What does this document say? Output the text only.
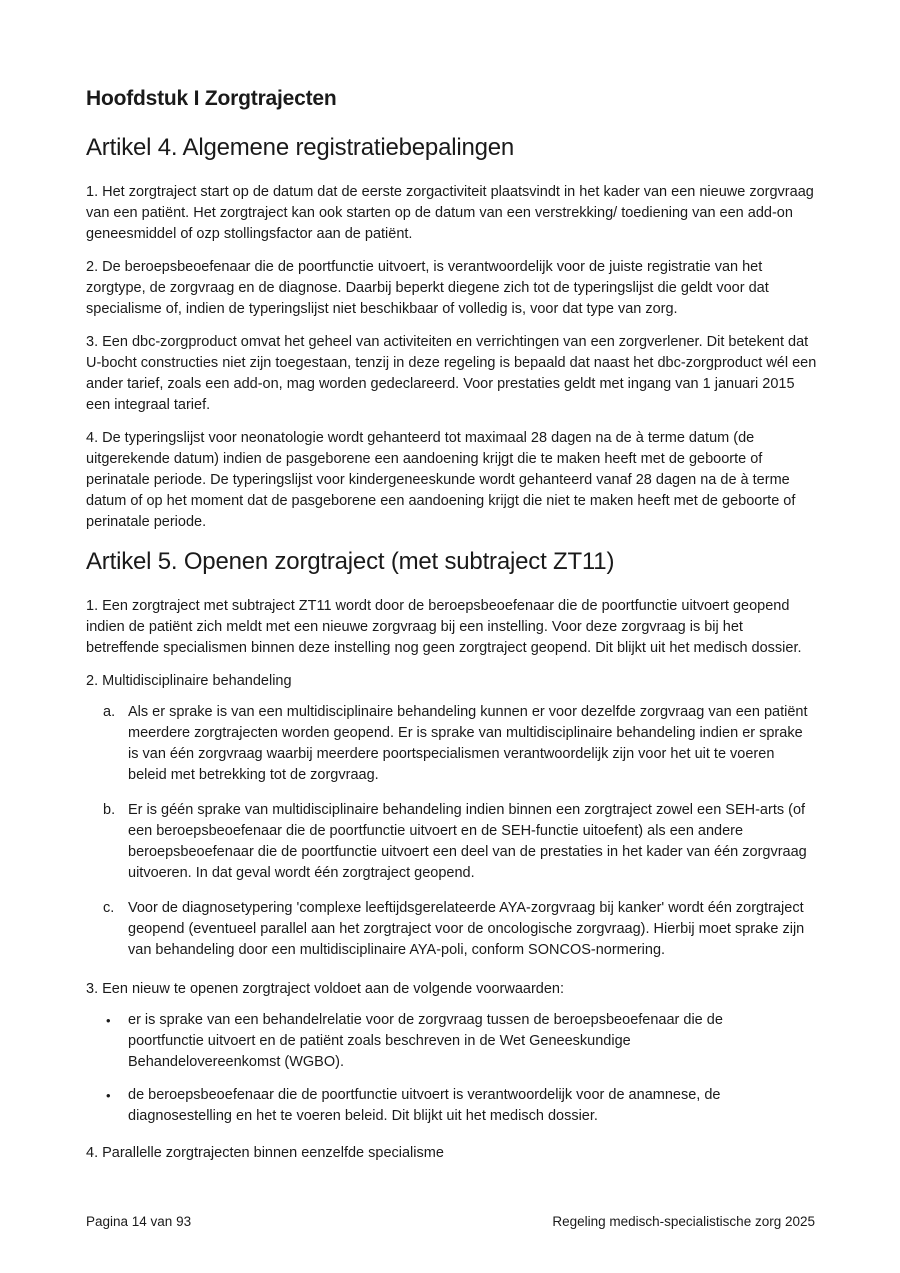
Hoofdstuk I Zorgtrajecten
Artikel 4. Algemene registratiebepalingen

1. Het zorgtraject start op de datum dat de eerste zorgactiviteit plaatsvindt in het kader van een nieuwe zorgvraag van een patiënt. Het zorgtraject kan ook starten op de datum van een verstrekking/ toediening van een add-on geneesmiddel of ozp stollingsfactor aan de patiënt.

2. De beroepsbeoefenaar die de poortfunctie uitvoert, is verantwoordelijk voor de juiste registratie van het zorgtype, de zorgvraag en de diagnose. Daarbij beperkt diegene zich tot de typeringslijst die geldt voor dat specialisme of, indien de typeringslijst niet beschikbaar of volledig is, voor dat type van zorg.

3. Een dbc-zorgproduct omvat het geheel van activiteiten en verrichtingen van een zorgverlener. Dit betekent dat U-bocht constructies niet zijn toegestaan, tenzij in deze regeling is bepaald dat naast het dbc-zorgproduct wél een ander tarief, zoals een add-on, mag worden gedeclareerd. Voor prestaties geldt met ingang van 1 januari 2015 een integraal tarief.

4. De typeringslijst voor neonatologie wordt gehanteerd tot maximaal 28 dagen na de à terme datum (de uitgerekende datum) indien de pasgeborene een aandoening krijgt die te maken heeft met de geboorte of perinatale periode. De typeringslijst voor kindergeneeskunde wordt gehanteerd vanaf 28 dagen na de à terme datum of op het moment dat de pasgeborene een aandoening krijgt die niet te maken heeft met de geboorte of perinatale periode.

Artikel 5. Openen zorgtraject (met subtraject ZT11)

1. Een zorgtraject met subtraject ZT11 wordt door de beroepsbeoefenaar die de poortfunctie uitvoert geopend indien de patiënt zich meldt met een nieuwe zorgvraag bij een instelling. Voor deze zorgvraag is bij het betreffende specialismen binnen deze instelling nog geen zorgtraject geopend. Dit blijkt uit het medisch dossier.

2. Multidisciplinaire behandeling

a. Als er sprake is van een multidisciplinaire behandeling kunnen er voor dezelfde zorgvraag van een patiënt meerdere zorgtrajecten worden geopend. Er is sprake van multidisciplinaire behandeling indien er sprake is van één zorgvraag waarbij meerdere poortspecialismen verantwoordelijk zijn voor het uit te voeren beleid met betrekking tot de zorgvraag.
b. Er is géén sprake van multidisciplinaire behandeling indien binnen een zorgtraject zowel een SEH-arts (of een beroepsbeoefenaar die de poortfunctie uitvoert en de SEH-functie uitoefent) als een andere beroepsbeoefenaar die de poortfunctie uitvoert een deel van de prestaties in het kader van één zorgvraag uitvoeren. In dat geval wordt één zorgtraject geopend.
c. Voor de diagnosetypering 'complexe leeftijdsgerelateerde AYA-zorgvraag bij kanker' wordt één zorgtraject geopend (eventueel parallel aan het zorgtraject voor de oncologische zorgvraag). Hierbij moet sprake zijn van behandeling door een multidisciplinaire AYA-poli, conform SONCOS-normering.

3. Een nieuw te openen zorgtraject voldoet aan de volgende voorwaarden:

•	er is sprake van een behandelrelatie voor de zorgvraag tussen de beroepsbeoefenaar die de poortfunctie uitvoert en de patiënt zoals beschreven in de Wet Geneeskundige Behandelovereenkomst (WGBO).
•	de beroepsbeoefenaar die de poortfunctie uitvoert is verantwoordelijk voor de anamnese, de diagnosestelling en het te voeren beleid. Dit blijkt uit het medisch dossier.

4. Parallelle zorgtrajecten binnen eenzelfde specialisme

Pagina 14 van 93	Regeling medisch-specialistische zorg 2025
